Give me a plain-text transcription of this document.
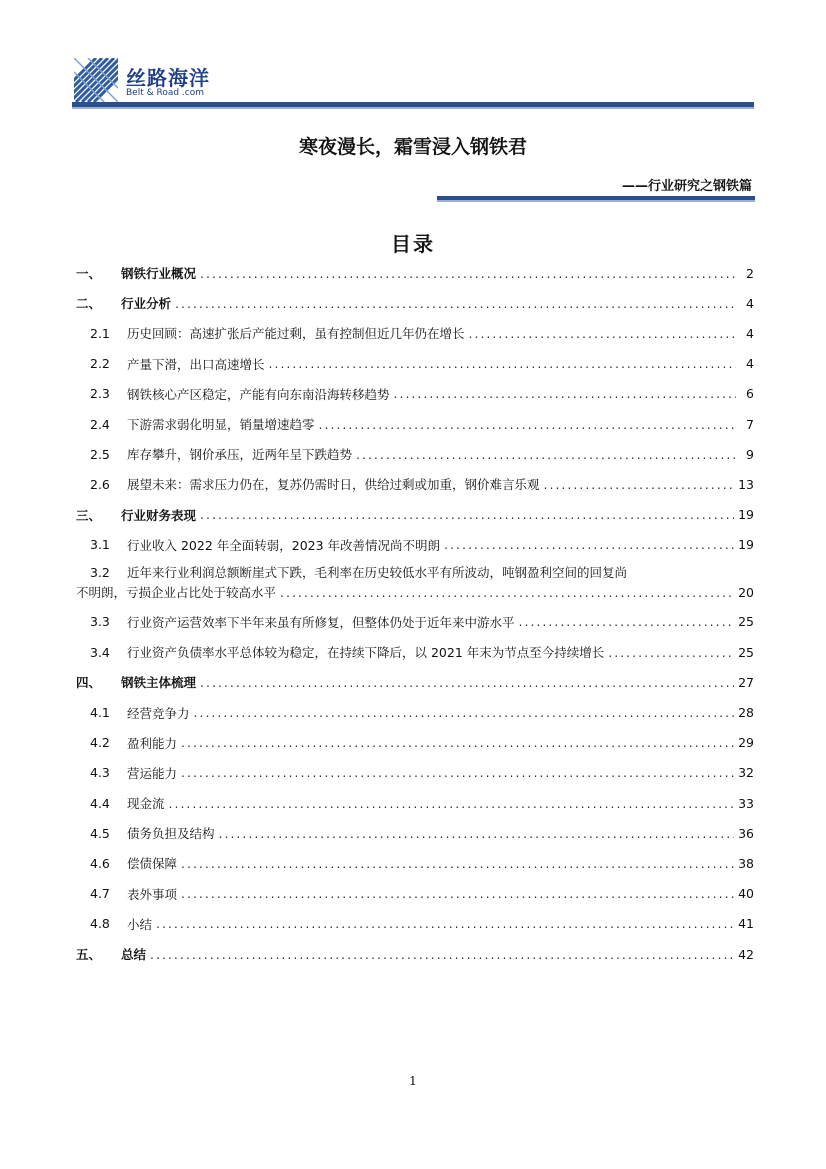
丝路海洋
Belt & Road .com
寒夜漫长，霜雪浸入钢铁君
——行业研究之钢铁篇
目录
一、	钢铁行业概况 .....	2
二、	行业分析 .....	4
2.1	历史回顾：高速扩张后产能过剩，虽有控制但近几年仍在增长 .....	4
2.2	产量下滑，出口高速增长 .....	4
2.3	钢铁核心产区稳定，产能有向东南沿海转移趋势 .....	6
2.4	下游需求弱化明显，销量增速趋零 .....	7
2.5	库存攀升，钢价承压，近两年呈下跌趋势 .....	9
2.6	展望未来：需求压力仍在，复苏仍需时日，供给过剩或加重，钢价难言乐观 .....	13
三、	行业财务表现 .....	19
3.1	行业收入 2022 年全面转弱，2023 年改善情况尚不明朗 .....	19
3.2 近年来行业利润总额断崖式下跌，毛利率在历史较低水平有所波动，吨钢盈利空间的回复尚
不明朗，亏损企业占比处于较高水平 .....	20
3.3	行业资产运营效率下半年来虽有所修复，但整体仍处于近年来中游水平 .....	25
3.4	行业资产负债率水平总体较为稳定，在持续下降后，以 2021 年末为节点至今持续增长 .....	25
四、	钢铁主体梳理 .....	27
4.1	经营竞争力 .....	28
4.2	盈利能力 .....	29
4.3	营运能力 .....	32
4.4	现金流 .....	33
4.5	债务负担及结构 .....	36
4.6	偿债保障 .....	38
4.7	表外事项 .....	40
4.8	小结 .....	41
五、	总结 .....	42
1
